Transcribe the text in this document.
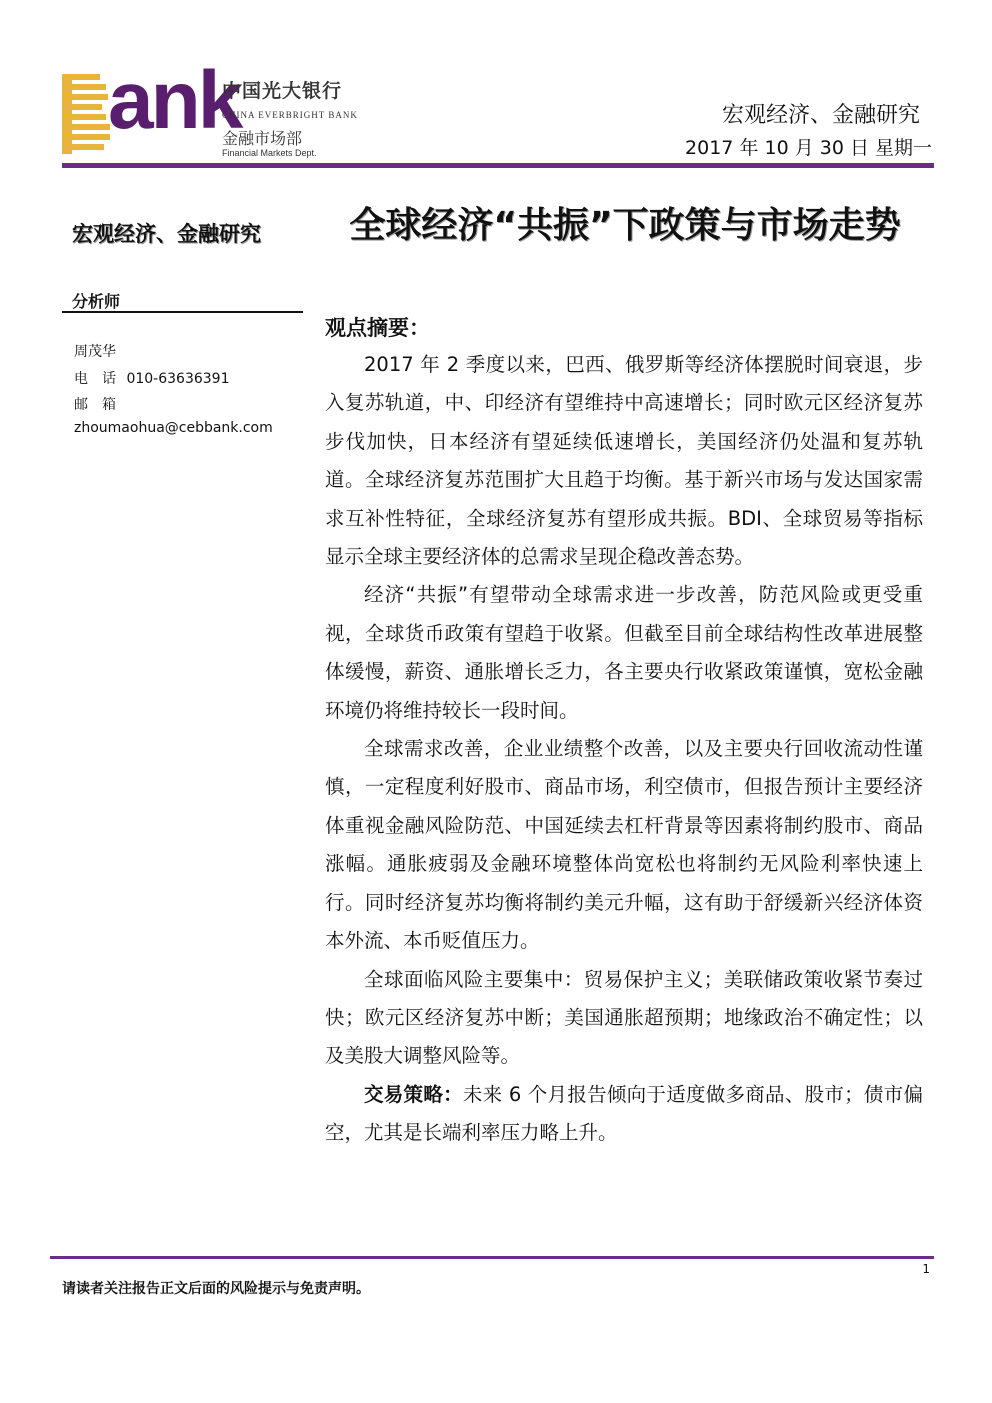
ank
中国光大银行
CHINA EVERBRIGHT BANK
金融市场部
Financial Markets Dept.
宏观经济、金融研究
2017 年 10 月 30 日 星期一
宏观经济、金融研究
分析师
周茂华
电　话 010-63636391
邮　箱
zhoumaohua@cebbank.com
全球经济“共振”下政策与市场走势
观点摘要：

2017 年 2 季度以来，巴西、俄罗斯等经济体摆脱时间衰退，步入复苏轨道，中、印经济有望维持中高速增长；同时欧元区经济复苏步伐加快，日本经济有望延续低速增长，美国经济仍处温和复苏轨道。全球经济复苏范围扩大且趋于均衡。基于新兴市场与发达国家需求互补性特征，全球经济复苏有望形成共振。BDI、全球贸易等指标显示全球主要经济体的总需求呈现企稳改善态势。

经济“共振”有望带动全球需求进一步改善，防范风险或更受重视，全球货币政策有望趋于收紧。但截至目前全球结构性改革进展整体缓慢，薪资、通胀增长乏力，各主要央行收紧政策谨慎，宽松金融环境仍将维持较长一段时间。

全球需求改善，企业业绩整个改善，以及主要央行回收流动性谨慎，一定程度利好股市、商品市场，利空债市，但报告预计主要经济体重视金融风险防范、中国延续去杠杆背景等因素将制约股市、商品涨幅。通胀疲弱及金融环境整体尚宽松也将制约无风险利率快速上行。同时经济复苏均衡将制约美元升幅，这有助于舒缓新兴经济体资本外流、本币贬值压力。

全球面临风险主要集中：贸易保护主义；美联储政策收紧节奏过快；欧元区经济复苏中断；美国通胀超预期；地缘政治不确定性；以及美股大调整风险等。

交易策略：未来 6 个月报告倾向于适度做多商品、股市；债市偏空，尤其是长端利率压力略上升。

1
请读者关注报告正文后面的风险提示与免责声明。
